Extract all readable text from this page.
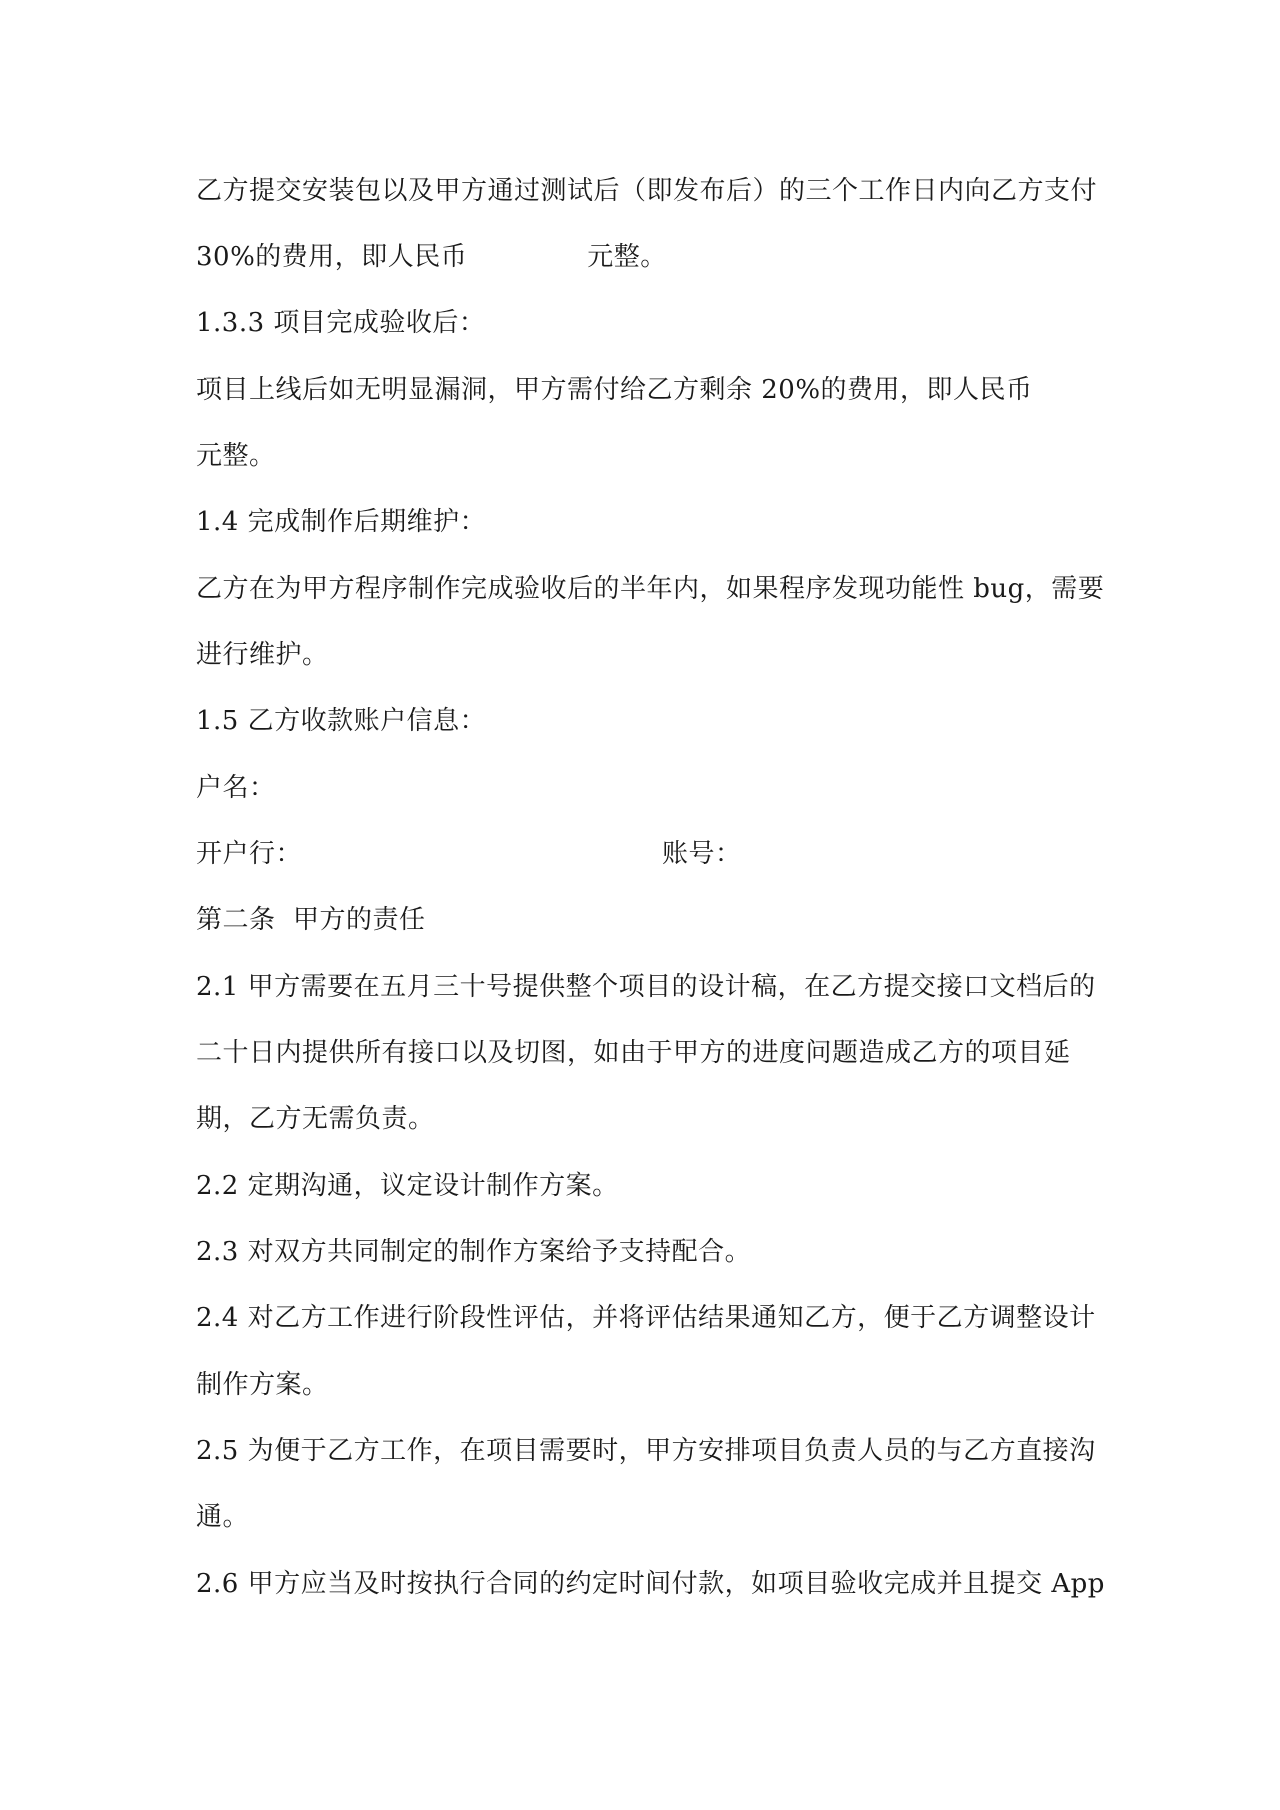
乙方提交安装包以及甲方通过测试后（即发布后）的三个工作日内向乙方支付
30%的费用，即人民币	元整。
1.3.3 项目完成验收后：
项目上线后如无明显漏洞，甲方需付给乙方剩余 20%的费用，即人民币
元整。
1.4 完成制作后期维护：
乙方在为甲方程序制作完成验收后的半年内，如果程序发现功能性 bug，需要
进行维护。
1.5 乙方收款账户信息：
户名：
开户行：	账号：
第二条  甲方的责任
2.1 甲方需要在五月三十号提供整个项目的设计稿，在乙方提交接口文档后的
二十日内提供所有接口以及切图，如由于甲方的进度问题造成乙方的项目延
期，乙方无需负责。
2.2 定期沟通，议定设计制作方案。
2.3 对双方共同制定的制作方案给予支持配合。
2.4 对乙方工作进行阶段性评估，并将评估结果通知乙方，便于乙方调整设计
制作方案。
2.5 为便于乙方工作，在项目需要时，甲方安排项目负责人员的与乙方直接沟
通。
2.6 甲方应当及时按执行合同的约定时间付款，如项目验收完成并且提交 App
